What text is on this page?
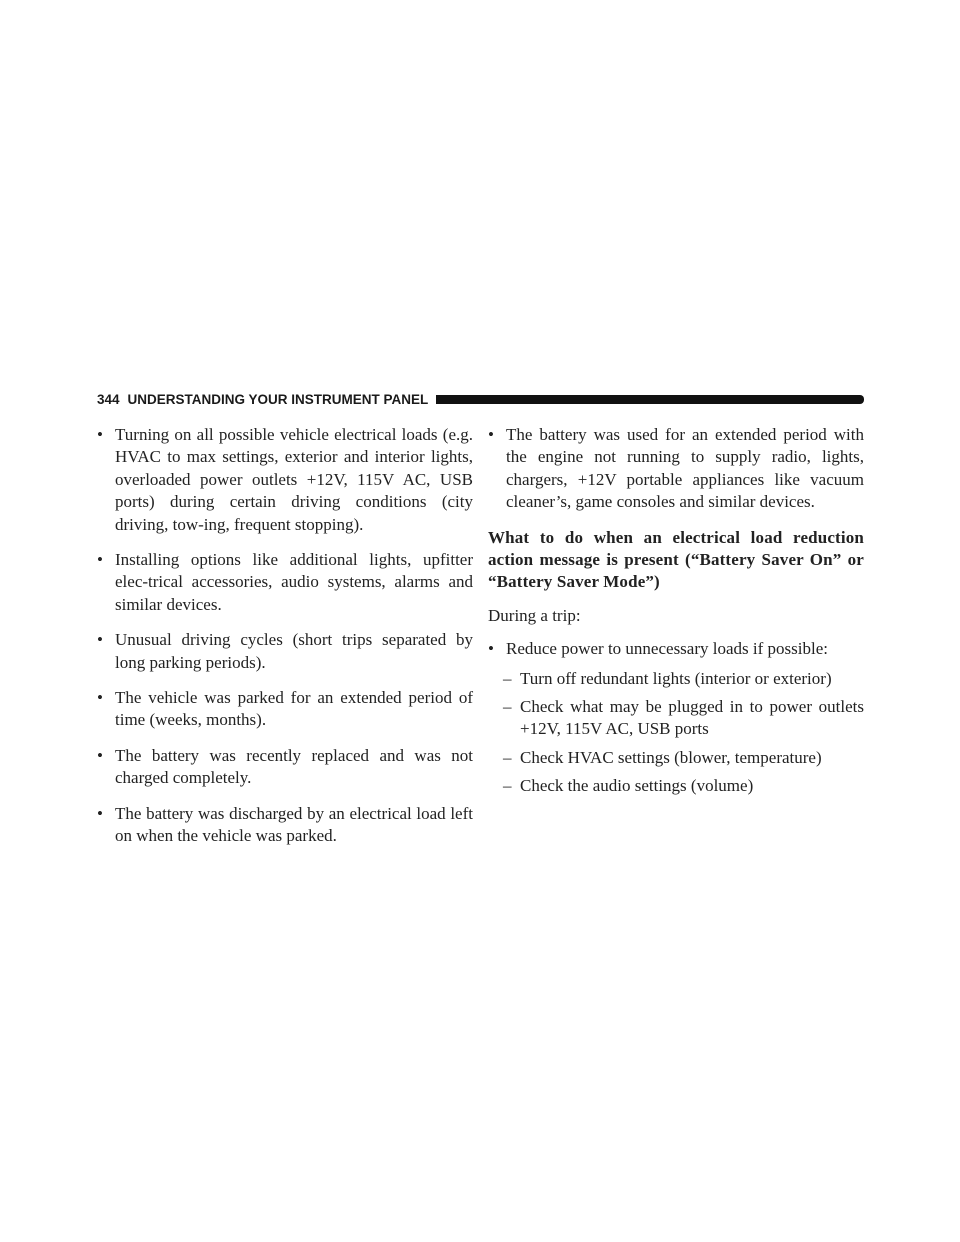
344 UNDERSTANDING YOUR INSTRUMENT PANEL
• Turning on all possible vehicle electrical loads (e.g. HVAC to max settings, exterior and interior lights, overloaded power outlets +12V, 115V AC, USB ports) during certain driving conditions (city driving, tow-ing, frequent stopping).
• Installing options like additional lights, upfitter elec-trical accessories, audio systems, alarms and similar devices.
• Unusual driving cycles (short trips separated by long parking periods).
• The vehicle was parked for an extended period of time (weeks, months).
• The battery was recently replaced and was not charged completely.
• The battery was discharged by an electrical load left on when the vehicle was parked.
• The battery was used for an extended period with the engine not running to supply radio, lights, chargers, +12V portable appliances like vacuum cleaner’s, game consoles and similar devices.
What to do when an electrical load reduction action message is present (“Battery Saver On” or “Battery Saver Mode”)
During a trip:
• Reduce power to unnecessary loads if possible:
– Turn off redundant lights (interior or exterior)
– Check what may be plugged in to power outlets +12V, 115V AC, USB ports
– Check HVAC settings (blower, temperature)
– Check the audio settings (volume)
